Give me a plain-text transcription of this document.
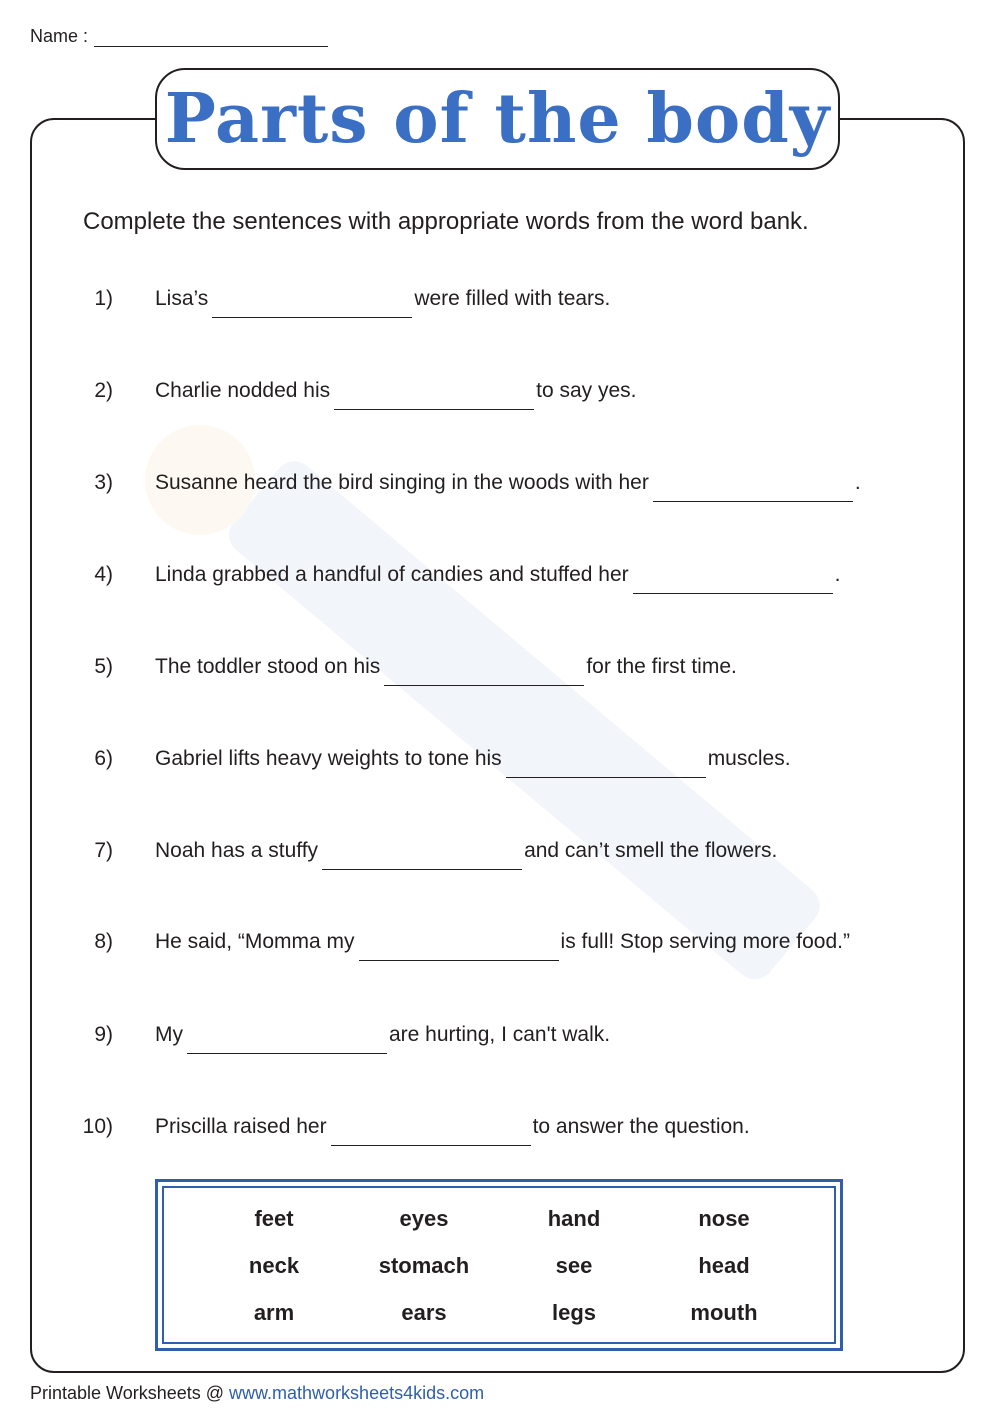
Name :
Parts of the body
Complete the sentences with appropriate words from the word bank.
1) Lisa’s	were filled with tears.
2) Charlie nodded his	to say yes.
3) Susanne heard the bird singing in the woods with her	.
4) Linda grabbed a handful of candies and stuffed her	.
5) The toddler stood on his	for the first time.
6) Gabriel lifts heavy weights to tone his	muscles.
7) Noah has a stuffy	and can’t smell the flowers.
8) He said, “Momma my	is full! Stop serving more food.”
9) My	are hurting, I can't walk.
10) Priscilla raised her	to answer the question.
feet	eyes	hand	nose
neck	stomach	see	head
arm	ears	legs	mouth
Printable Worksheets @ www.mathworksheets4kids.com
